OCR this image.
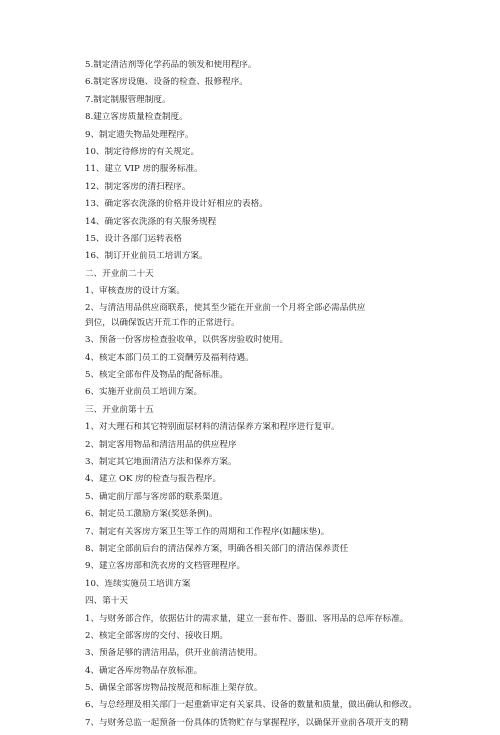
5.制定清洁剂等化学药品的领发和使用程序。
6.制定客房设施、设备的检查、报修程序。
7.制定制服管理制度。
8.建立客房质量检查制度。
9、制定遗失物品处理程序。
10、制定待修房的有关规定。
11、建立 VIP 房的服务标准。
12、制定客房的清扫程序。
13、确定客衣洗涤的价格并设计好相应的表格。
14、确定客衣洗涤的有关服务规程
15、设计各部门运转表格
16、制订开业前员工培训方案。
二、开业前二十天
1、审核查房的设计方案。
2、与清洁用品供应商联系，使其至少能在开业前一个月将全部必需品供应
到位，以确保饭店开荒工作的正常进行。
3、预备一份客房检查验收单，以供客房验收时使用。
4、核定本部门员工的工资酬劳及福利待遇。
5、核定全部布件及物品的配备标准。
6、实施开业前员工培训方案。
三、开业前第十五
1、对大理石和其它特别面层材料的清洁保养方案和程序进行复审。
2、制定客用物品和清洁用品的供应程序
3、制定其它地面清洁方法和保养方案。
4、建立 OK 房的检查与报告程序。
5、确定前厅部与客房部的联系渠道。
6、制定员工激励方案(奖惩条例)。
7、制定有关客房方案卫生等工作的周期和工作程序(如翻床垫)。
8、制定全部前后台的清洁保养方案，明确各相关部门的清洁保养责任
9、建立客房部和洗衣房的文档管理程序。
10、连续实施员工培训方案
四、第十天
1、与财务部合作，依据估计的需求量，建立一套布件、器皿、客用品的总库存标准。
2、核定全部客房的交付、接收日期。
3、预备足够的清洁用品，供开业前清洁使用。
4、确定各库房物品存放标准。
5、确保全部客房物品按规范和标准上架存放。
6、与总经理及相关部门一起重新审定有关家具、设备的数量和质量，做出确认和修改。
7、与财务总监一起预备一份具体的货物贮存与掌握程序，以确保开业前各项开支的精
